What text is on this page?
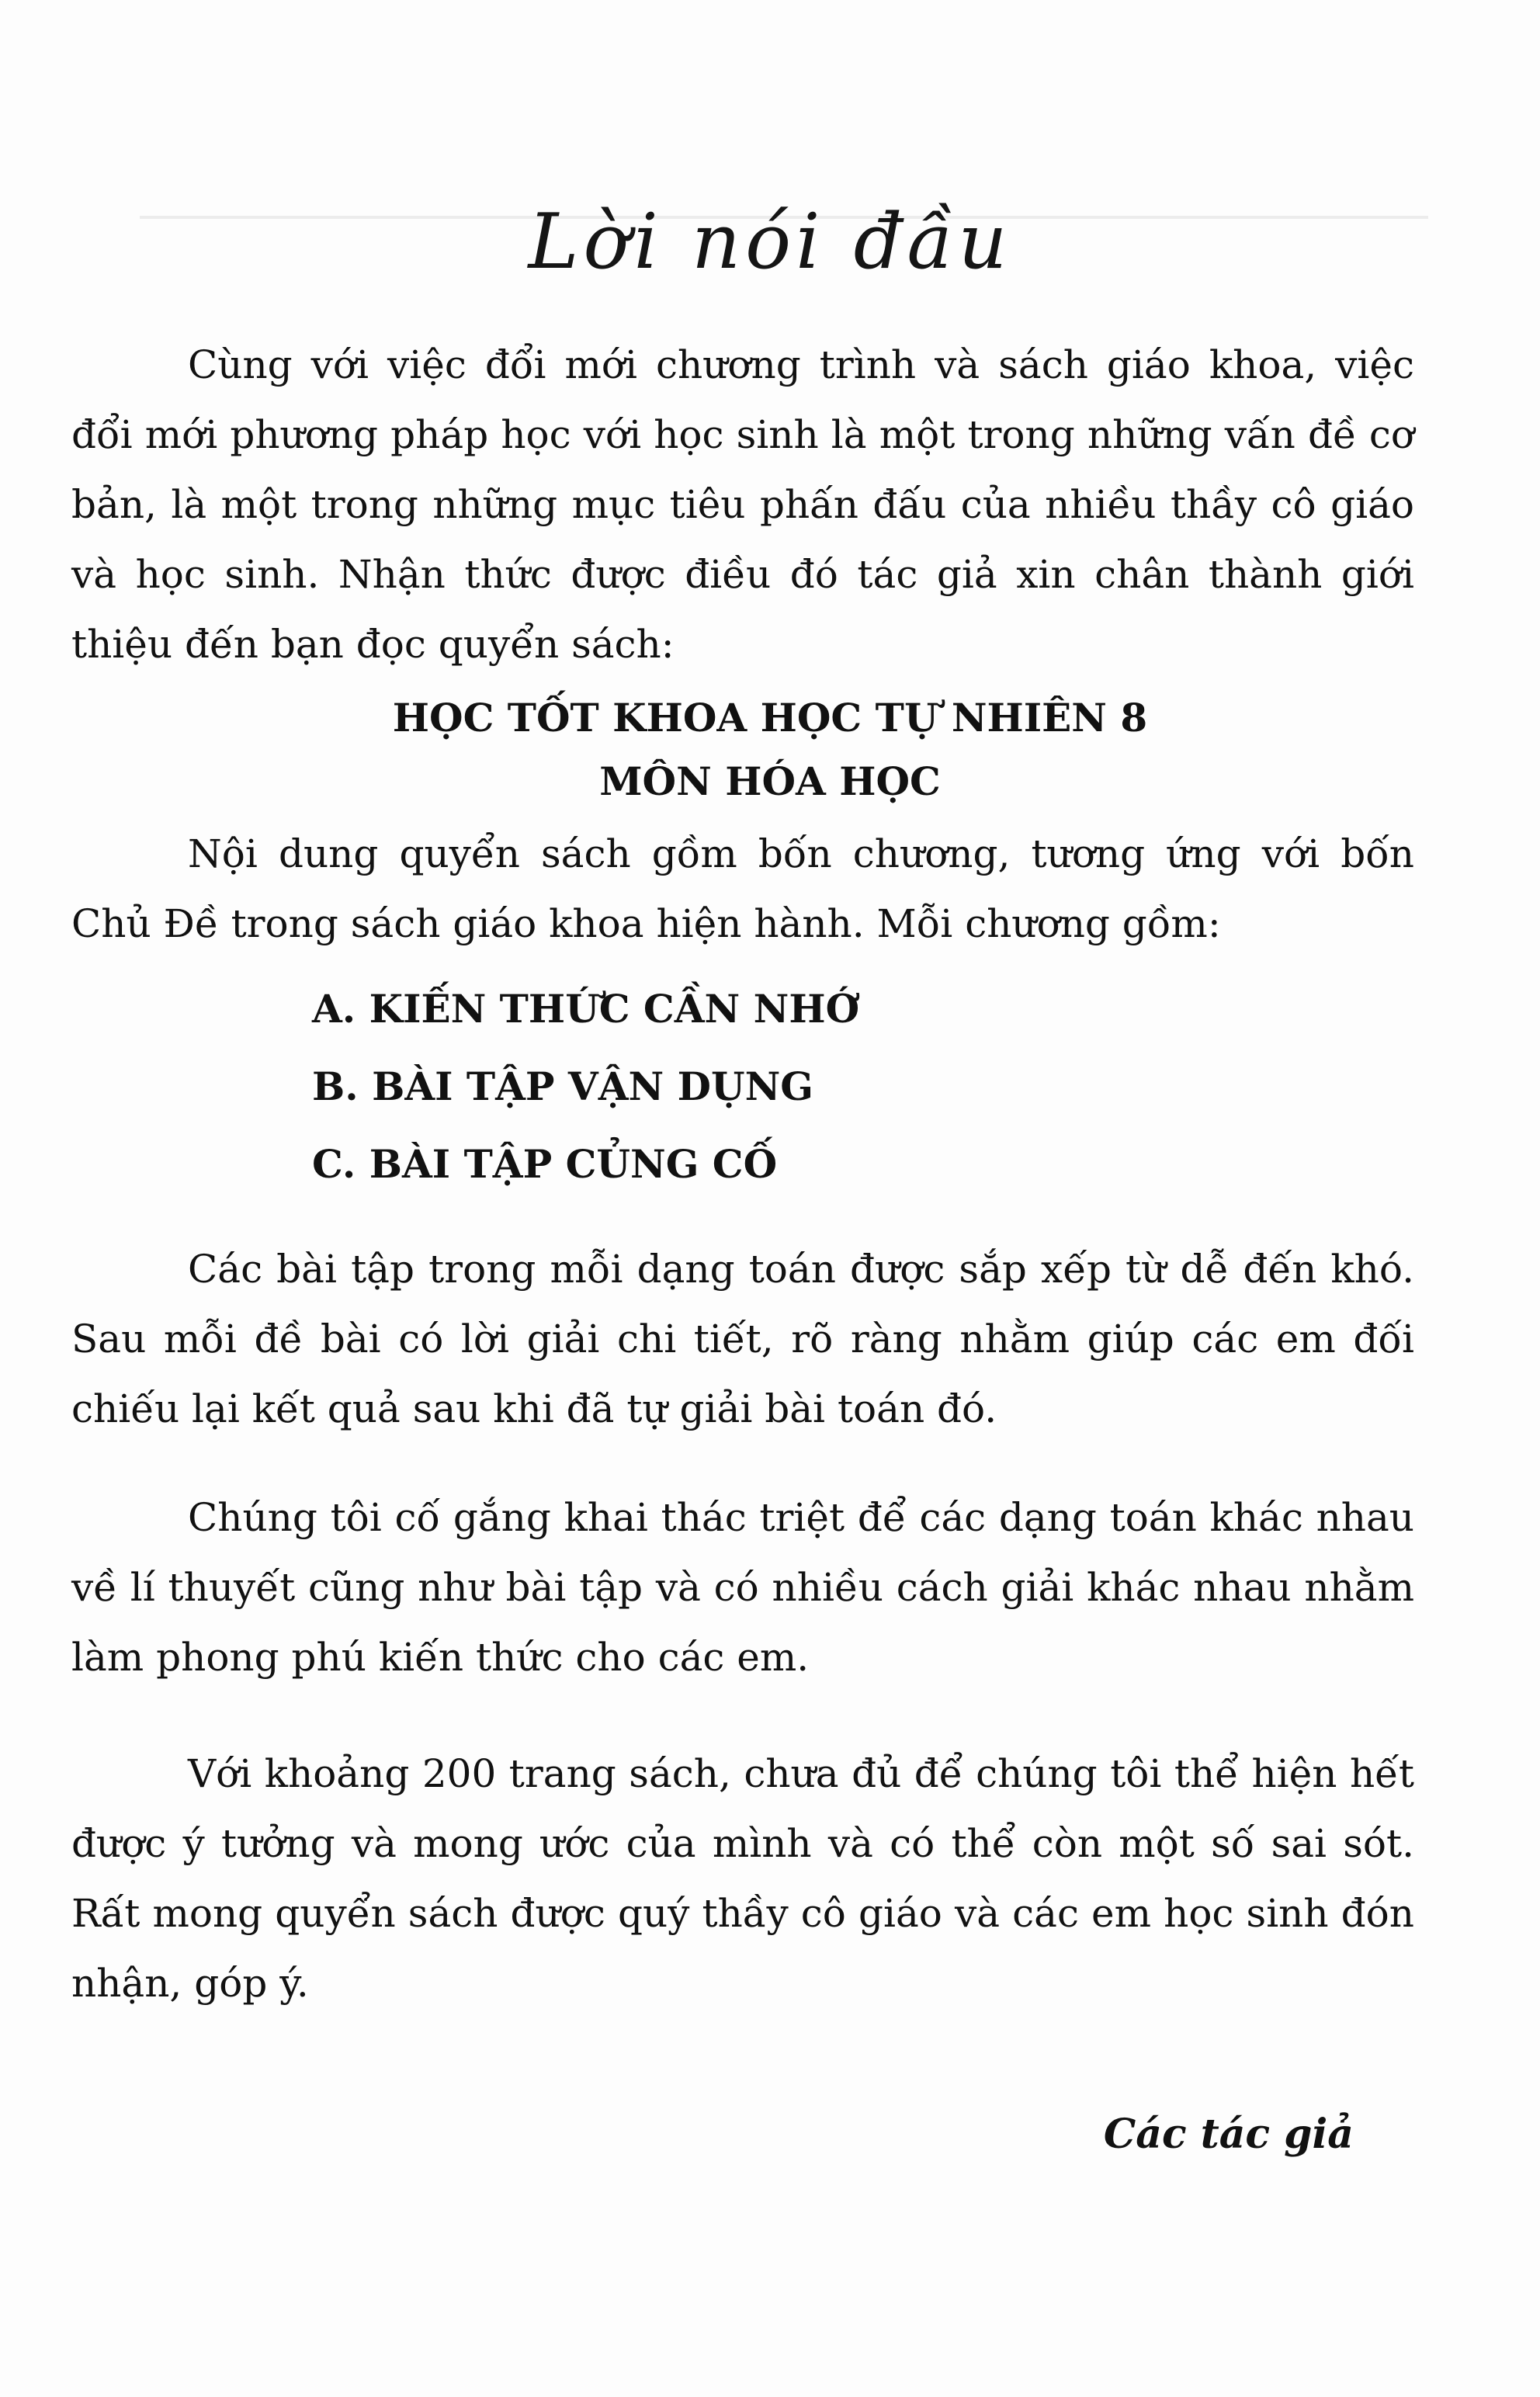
Lời nói đầu

Cùng với việc đổi mới chương trình và sách giáo khoa, việc đổi mới phương pháp học với học sinh là một trong những vấn đề cơ bản, là một trong những mục tiêu phấn đấu của nhiều thầy cô giáo và học sinh. Nhận thức được điều đó tác giả xin chân thành giới thiệu đến bạn đọc quyển sách:

HỌC TỐT KHOA HỌC TỰ NHIÊN 8

MÔN HÓA HỌC

Nội dung quyển sách gồm bốn chương, tương ứng với bốn Chủ Đề trong sách giáo khoa hiện hành. Mỗi chương gồm:

A. KIẾN THỨC CẦN NHỚ
B. BÀI TẬP VẬN DỤNG
C. BÀI TẬP CỦNG CỐ

Các bài tập trong mỗi dạng toán được sắp xếp từ dễ đến khó. Sau mỗi đề bài có lời giải chi tiết, rõ ràng nhằm giúp các em đối chiếu lại kết quả sau khi đã tự giải bài toán đó.

Chúng tôi cố gắng khai thác triệt để các dạng toán khác nhau về lí thuyết cũng như bài tập và có nhiều cách giải khác nhau nhằm làm phong phú kiến thức cho các em.

Với khoảng 200 trang sách, chưa đủ để chúng tôi thể hiện hết được ý tưởng và mong ước của mình và có thể còn một số sai sót. Rất mong quyển sách được quý thầy cô giáo và các em học sinh đón nhận, góp ý.

Các tác giả
